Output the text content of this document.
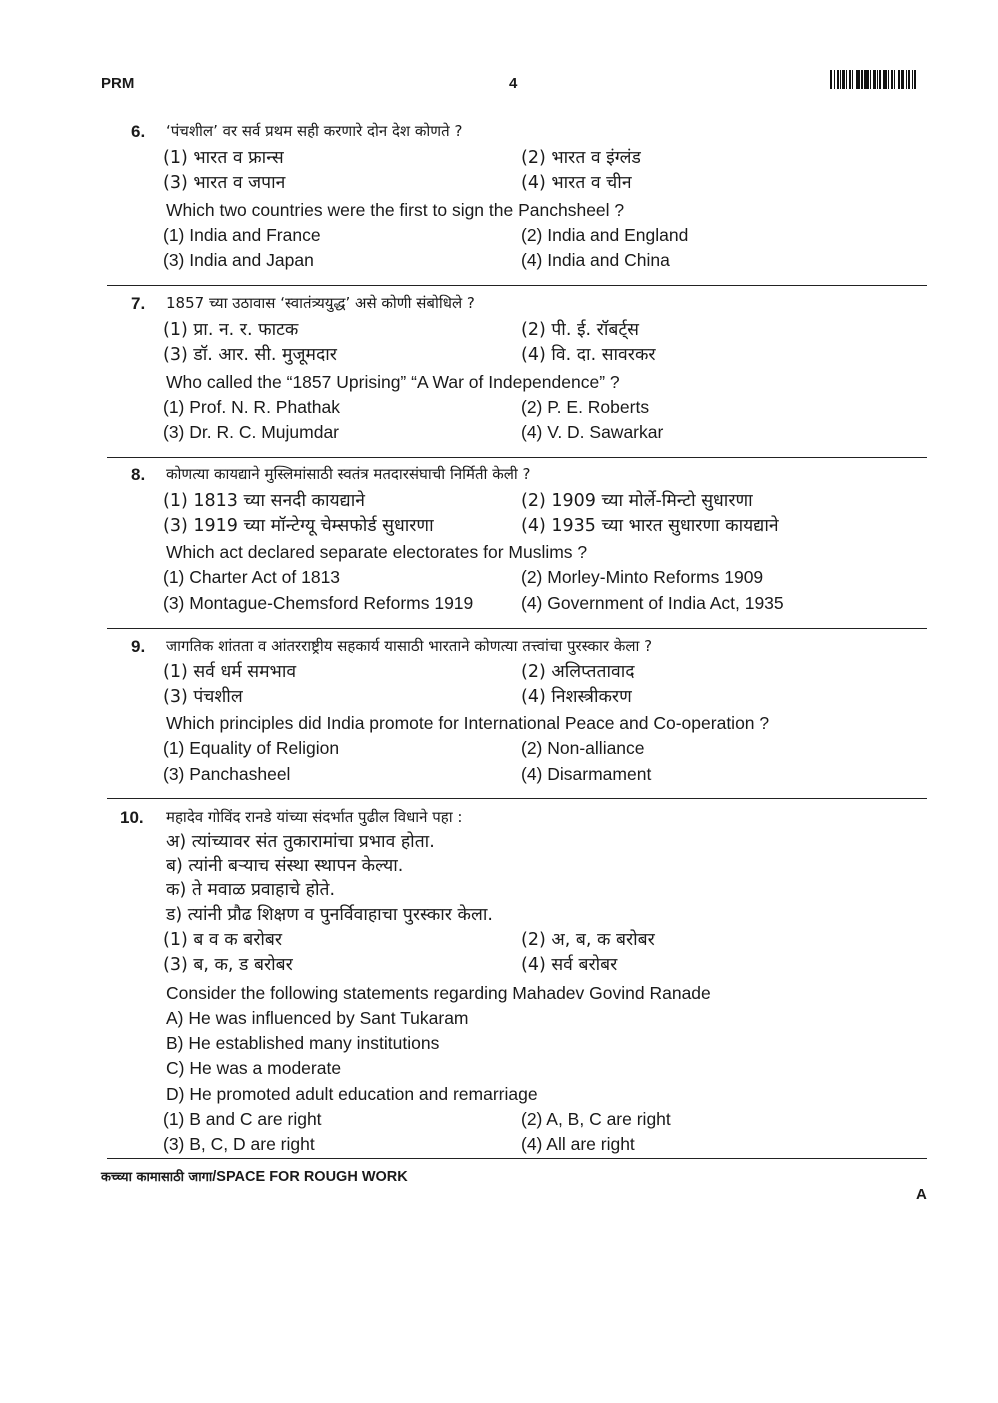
PRM	4
6. ‘पंचशील’ वर सर्व प्रथम सही करणारे दोन देश कोणते ?
(1) भारत व फ्रान्स	(2) भारत व इंग्लंड
(3) भारत व जपान	(4) भारत व चीन
Which two countries were the first to sign the Panchsheel ?
(1) India and France	(2) India and England
(3) India and Japan	(4) India and China
7. 1857 च्या उठावास ‘स्वातंत्र्ययुद्ध’ असे कोणी संबोधिले ?
(1) प्रा. न. र. फाटक	(2) पी. ई. रॉबर्ट्स
(3) डॉ. आर. सी. मुजूमदार	(4) वि. दा. सावरकर
Who called the “1857 Uprising” “A War of Independence” ?
(1) Prof. N. R. Phathak	(2) P. E. Roberts
(3) Dr. R. C. Mujumdar	(4) V. D. Sawarkar
8. कोणत्या कायद्याने मुस्लिमांसाठी स्वतंत्र मतदारसंघाची निर्मिती केली ?
(1) 1813 च्या सनदी कायद्याने	(2) 1909 च्या मोर्ले-मिन्टो सुधारणा
(3) 1919 च्या मॉन्टेग्यू चेम्सफोर्ड सुधारणा	(4) 1935 च्या भारत सुधारणा कायद्याने
Which act declared separate electorates for Muslims ?
(1) Charter Act of 1813	(2) Morley-Minto Reforms 1909
(3) Montague-Chemsford Reforms 1919	(4) Government of India Act, 1935
9. जागतिक शांतता व आंतरराष्ट्रीय सहकार्य यासाठी भारताने कोणत्या तत्त्वांचा पुरस्कार केला ?
(1) सर्व धर्म समभाव	(2) अलिप्ततावाद
(3) पंचशील	(4) निशस्त्रीकरण
Which principles did India promote for International Peace and Co-operation ?
(1) Equality of Religion	(2) Non-alliance
(3) Panchasheel	(4) Disarmament
10. महादेव गोविंद रानडे यांच्या संदर्भात पुढील विधाने पहा :
अ) त्यांच्यावर संत तुकारामांचा प्रभाव होता.
ब) त्यांनी बऱ्याच संस्था स्थापन केल्या.
क) ते मवाळ प्रवाहाचे होते.
ड) त्यांनी प्रौढ शिक्षण व पुनर्विवाहाचा पुरस्कार केला.
(1) ब व क बरोबर	(2) अ, ब, क बरोबर
(3) ब, क, ड बरोबर	(4) सर्व बरोबर
Consider the following statements regarding Mahadev Govind Ranade
A) He was influenced by Sant Tukaram
B) He established many institutions
C) He was a moderate
D) He promoted adult education and remarriage
(1) B and C are right	(2) A, B, C are right
(3) B, C, D are right	(4) All are right
कच्च्या कामासाठी जागा/SPACE FOR ROUGH WORK
A
